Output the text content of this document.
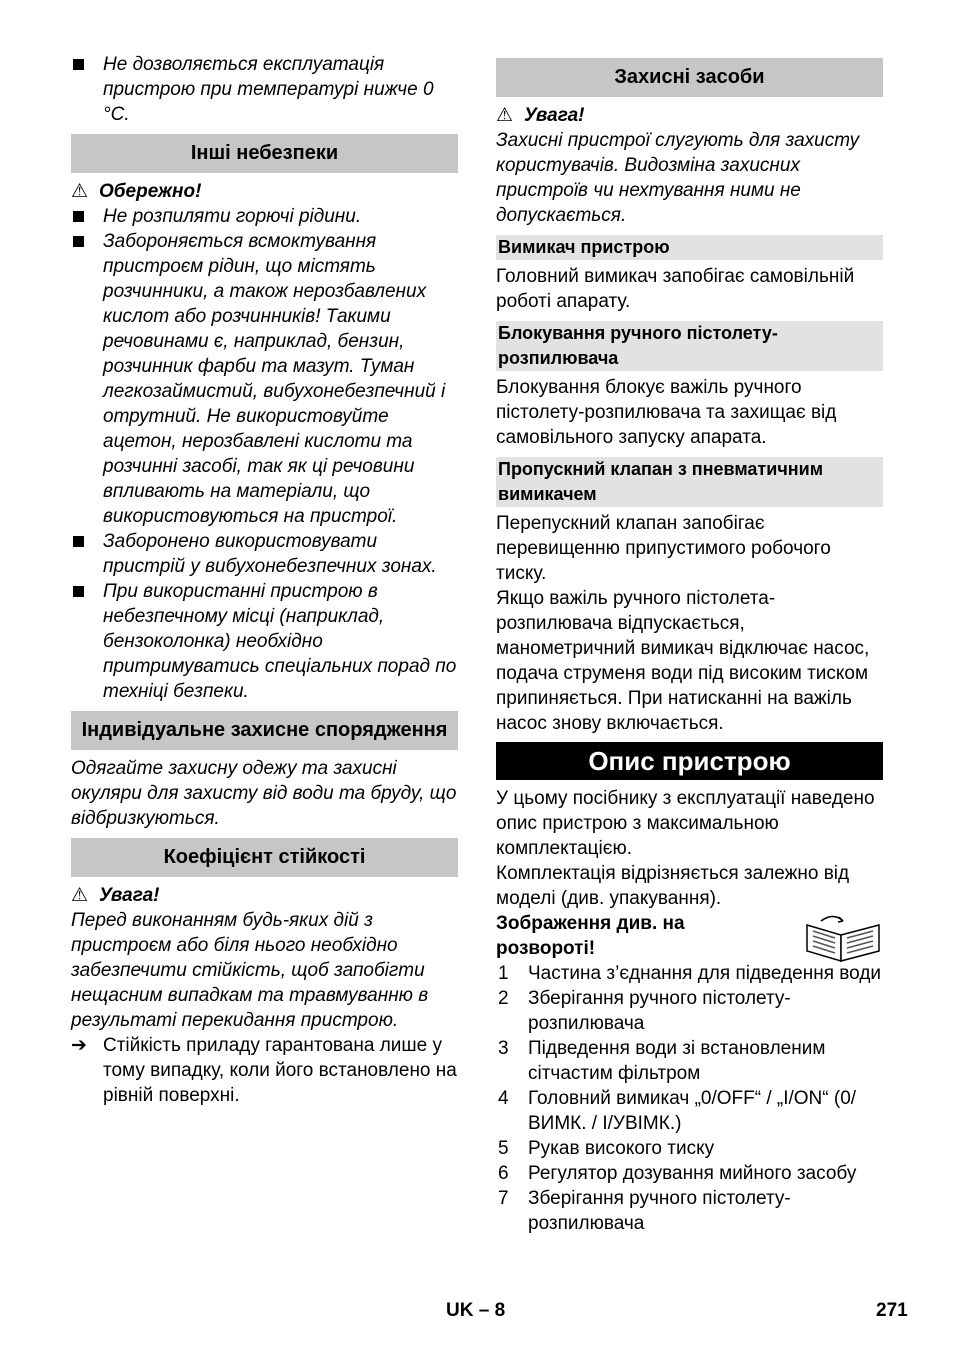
Не дозволяється експлуатація пристрою при температурі нижче 0 °C.
Інші небезпеки

⚠ Обережно!

Не розпиляти горючі рідини.
Забороняється всмоктування пристроєм рідин, що містять розчинники, а також нерозбавлених кислот або розчинників! Такими речовинами є, наприклад, бензин, розчинник фарби та мазут. Туман легкозаймистий, вибухонебезпечний і отрутний. Не використовуйте ацетон, нерозбавлені кислоти та розчинні засобі, так як ці речовини впливають на матеріали, що використовуються на пристрої.
Заборонено використовувати пристрій у вибухонебезпечних зонах.
При використанні пристрою в небезпечному місці (наприклад, бензоколонка) необхідно притримуватись спеціальних порад по техніці безпеки.
Індивідуальне захисне спорядження

Одягайте захисну одежу та захисні окуляри для захисту від води та бруду, що відбризкуються.

Коефіцієнт стійкості

⚠ Увага!

Перед виконанням будь-яких дій з пристроєм або біля нього необхідно забезпечити стійкість, щоб запобігти нещасним випадкам та травмуванню в результаті перекидання пристрою.

➔ Стійкість приладу гарантована лише у тому випадку, коли його встановлено на рівній поверхні.
Захисні засоби

⚠ Увага!

Захисні пристрої слугують для захисту користувачів. Видозміна захисних пристроїв чи нехтування ними не допускається.

Вимикач пристрою

Головний вимикач запобігає самовільній роботі апарату.

Блокування ручного пістолету-розпилювача

Блокування блокує важіль ручного пістолету-розпилювача та захищає від самовільного запуску апарата.

Пропускний клапан з пневматичним вимикачем

Перепускний клапан запобігає перевищенню припустимого робочого тиску.

Якщо важіль ручного пістолета-розпилювача відпускається, манометричний вимикач відключає насос, подача струменя води під високим тиском припиняється. При натисканні на важіль насос знову включається.

Опис пристрою

У цьому посібнику з експлуатації наведено опис пристрою з максимальною комплектацією.

Комплектація відрізняється залежно від моделі (див. упакування).

Зображення див. на розвороті!
1 Частина з’єднання для підведення води
2 Зберігання ручного пістолету-розпилювача
3 Підведення води зі встановленим сітчастим фільтром
4 Головний вимикач „0/OFF“ / „I/ON“ (0/ВИМК. / I/УВІМК.)
5 Рукав високого тиску
6 Регулятор дозування мийного засобу
7 Зберігання ручного пістолету-розпилювача
UK – 8	271
